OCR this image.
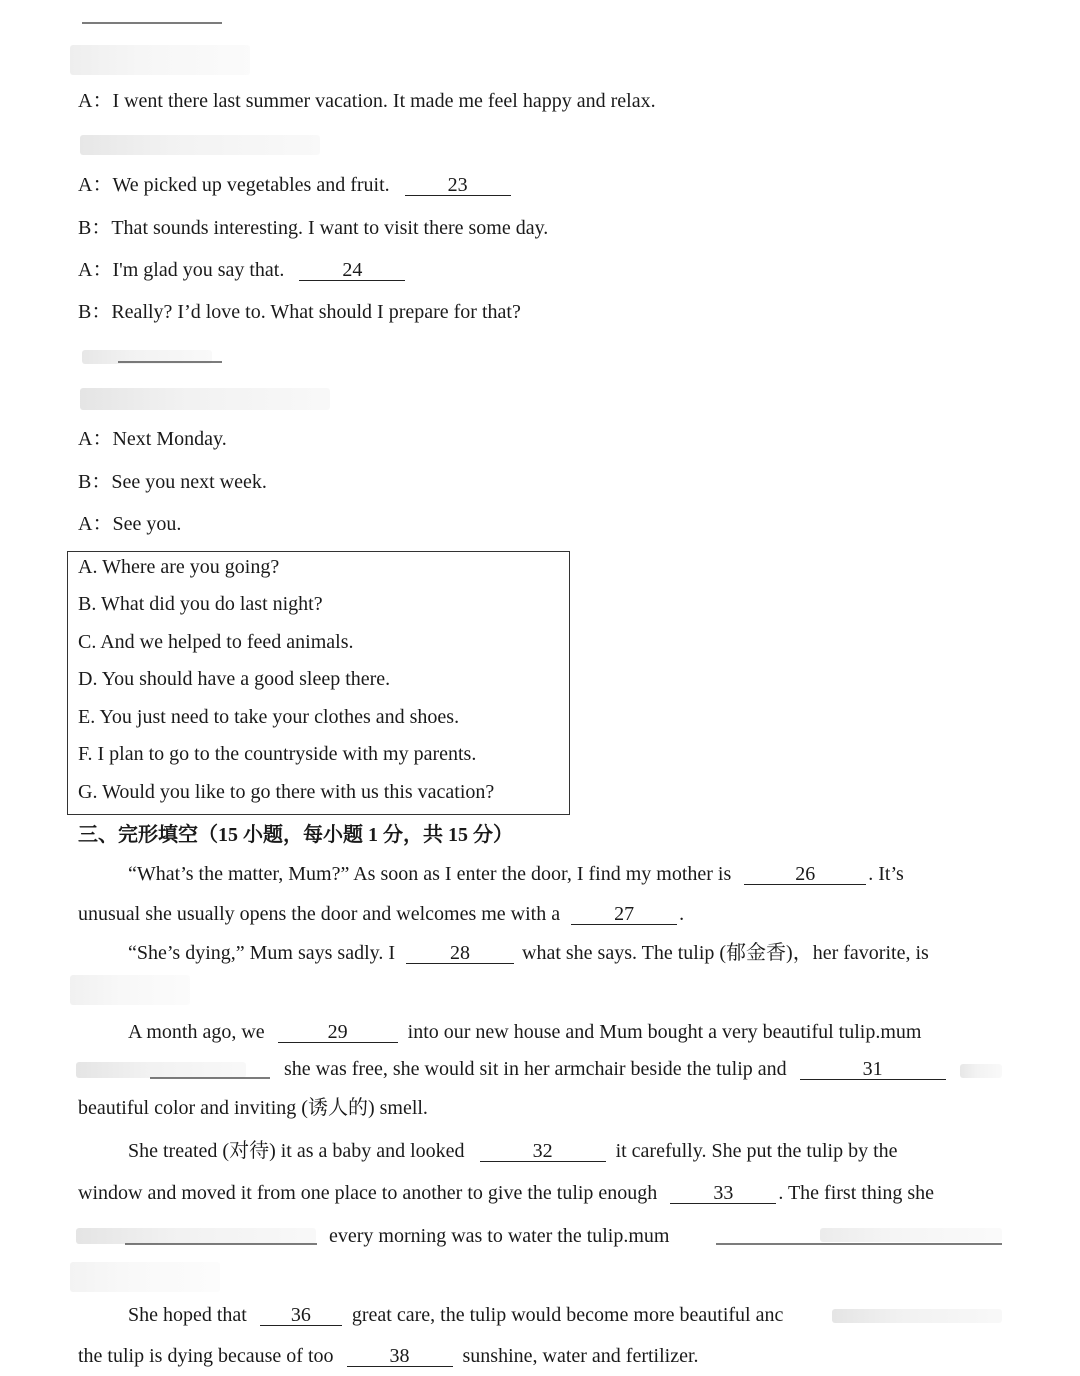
A：I went there last summer vacation. It made me feel happy and relax.
A：We picked up vegetables and fruit.	23
B：That sounds interesting. I want to visit there some day.
A：I'm glad you say that.	24
B：Really? I’d love to. What should I prepare for that?
A：Next Monday.
B：See you next week.
A：See you.
A. Where are you going?
B. What did you do last night?
C. And we helped to feed animals.
D. You should have a good sleep there.
E. You just need to take your clothes and shoes.
F. I plan to go to the countryside with my parents.
G. Would you like to go there with us this vacation?
三、完形填空（15 小题，每小题 1 分，共 15 分）
“What’s the matter, Mum?” As soon as I enter the door, I find my mother is	26	. It’s
unusual she usually opens the door and welcomes me with a	27 .
“She’s dying,” Mum says sadly. I	28	what she says. The tulip (郁金香)，her favorite, is
A month ago, we	29	into our new house and Mum bought a very beautiful tulip.mum
she was free, she would sit in her armchair beside the tulip and	31
beautiful color and inviting (诱人的) smell.
She treated (对待) it as a baby and looked	32	it carefully. She put the tulip by the
window and moved it from one place to another to give the tulip enough	33 . The first thing she
every morning was to water the tulip.mum
She hoped that 36 great care, the tulip would become more beautiful anc
the tulip is dying because of too	38	sunshine, water and fertilizer.
